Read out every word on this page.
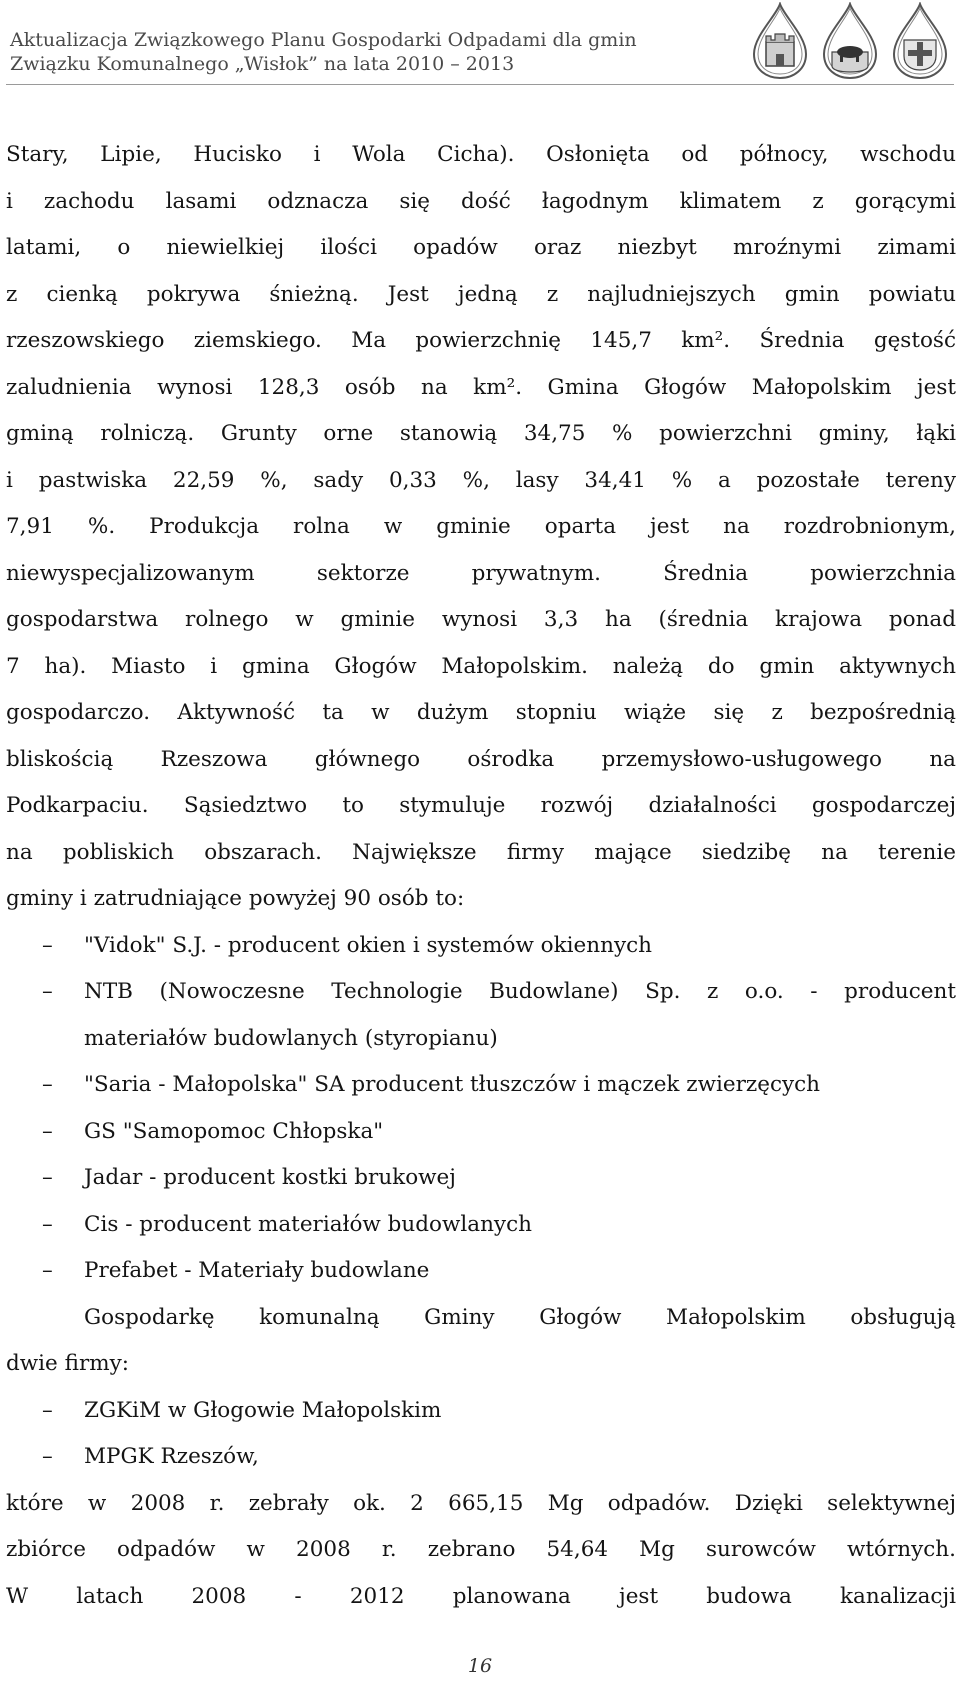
Aktualizacja Związkowego Planu Gospodarki Odpadami dla gmin
Związku Komunalnego „Wisłok” na lata 2010 – 2013
Stary, Lipie, Hucisko i Wola Cicha). Osłonięta od północy, wschodu
i zachodu lasami odznacza się dość łagodnym klimatem z gorącymi
latami, o niewielkiej ilości opadów oraz niezbyt mroźnymi zimami
z cienką pokrywa śnieżną. Jest jedną z najludniejszych gmin powiatu
rzeszowskiego ziemskiego. Ma powierzchnię 145,7 km². Średnia gęstość
zaludnienia wynosi 128,3 osób na km². Gmina Głogów Małopolskim jest
gminą rolniczą. Grunty orne stanowią 34,75 % powierzchni gminy, łąki
i pastwiska 22,59 %, sady 0,33 %, lasy 34,41 % a pozostałe tereny
7,91 %. Produkcja rolna w gminie oparta jest na rozdrobnionym,
niewyspecjalizowanym sektorze prywatnym. Średnia powierzchnia
gospodarstwa rolnego w gminie wynosi 3,3 ha (średnia krajowa ponad
7 ha). Miasto i gmina Głogów Małopolskim. należą do gmin aktywnych
gospodarczo. Aktywność ta w dużym stopniu wiąże się z bezpośrednią
bliskością Rzeszowa głównego ośrodka przemysłowo-usługowego na
Podkarpaciu. Sąsiedztwo to stymuluje rozwój działalności gospodarczej
na pobliskich obszarach. Największe firmy mające siedzibę na terenie
gminy i zatrudniające powyżej 90 osób to:
–	"Vidok" S.J. - producent okien i systemów okiennych
–	NTB (Nowoczesne Technologie Budowlane) Sp. z o.o. - producent
materiałów budowlanych (styropianu)
–	"Saria - Małopolska" SA producent tłuszczów i mączek zwierzęcych
–	GS "Samopomoc Chłopska"
–	Jadar - producent kostki brukowej
–	Cis - producent materiałów budowlanych
–	Prefabet - Materiały budowlane
Gospodarkę komunalną Gminy Głogów Małopolskim obsługują
dwie firmy:
–	ZGKiM w Głogowie Małopolskim
–	MPGK Rzeszów,
które w 2008 r. zebrały ok. 2 665,15 Mg odpadów. Dzięki selektywnej
zbiórce odpadów w 2008 r. zebrano 54,64 Mg surowców wtórnych.
W latach 2008 - 2012 planowana jest budowa kanalizacji
16
